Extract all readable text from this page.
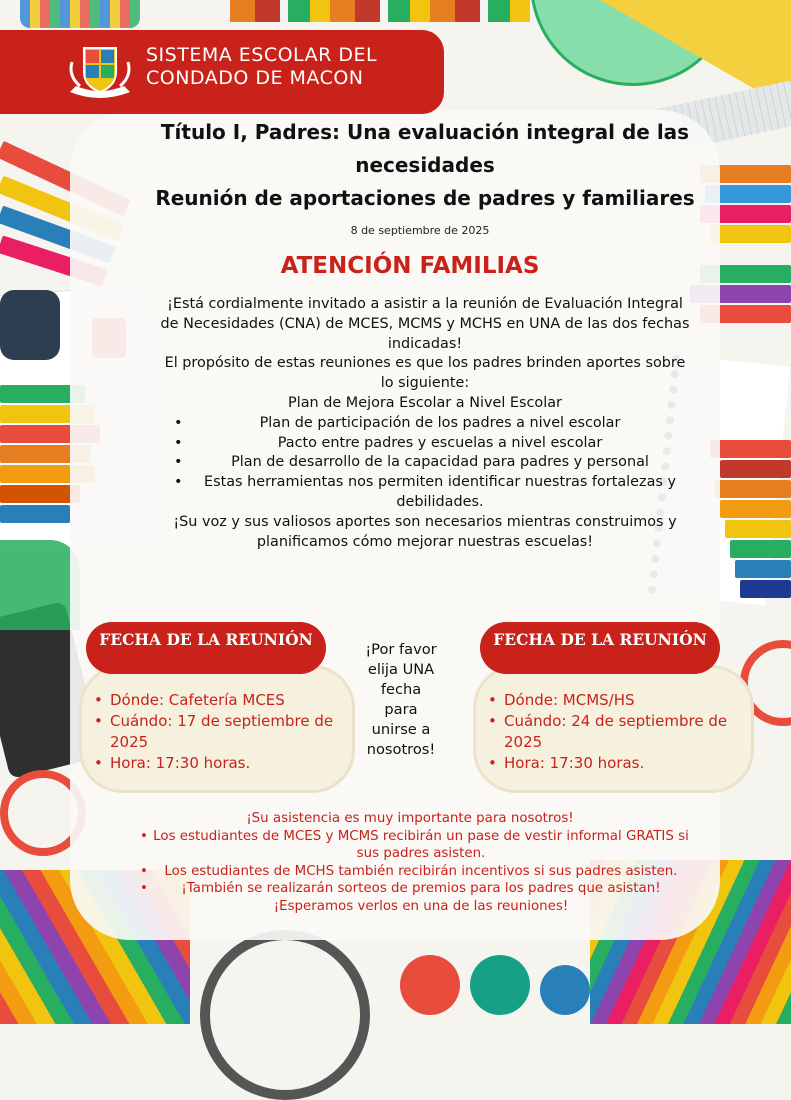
SISTEMA ESCOLAR DEL
CONDADO DE MACON
Título I, Padres: Una evaluación integral de las
necesidades
Reunión de aportaciones de padres y familiares
8 de septiembre de 2025
ATENCIÓN FAMILIAS

¡Está cordialmente invitado a asistir a la reunión de Evaluación Integral de Necesidades (CNA) de MCES, MCMS y MCHS en UNA de las dos fechas indicadas!

El propósito de estas reuniones es que los padres brinden aportes sobre lo siguiente:

Plan de Mejora Escolar a Nivel Escolar

• Plan de participación de los padres a nivel escolar
• Pacto entre padres y escuelas a nivel escolar
• Plan de desarrollo de la capacidad para padres y personal
• Estas herramientas nos permiten identificar nuestras fortalezas y debilidades.

¡Su voz y sus valiosos aportes son necesarios mientras construimos y planificamos cómo mejorar nuestras escuelas!

• Dónde: Cafetería MCES
• Cuándo: 17 de septiembre de 2025
• Hora: 17:30 horas.
FECHA DE LA REUNIÓN
¡Por favor elija UNA fecha para unirse a nosotros!
• Dónde: MCMS/HS
• Cuándo: 24 de septiembre de 2025
• Hora: 17:30 horas.
FECHA DE LA REUNIÓN

¡Su asistencia es muy importante para nosotros!

• Los estudiantes de MCES y MCMS recibirán un pase de vestir informal GRATIS si sus padres asisten.
• Los estudiantes de MCHS también recibirán incentivos si sus padres asisten.
• ¡También se realizarán sorteos de premios para los padres que asistan! ¡Esperamos verlos en una de las reuniones!
